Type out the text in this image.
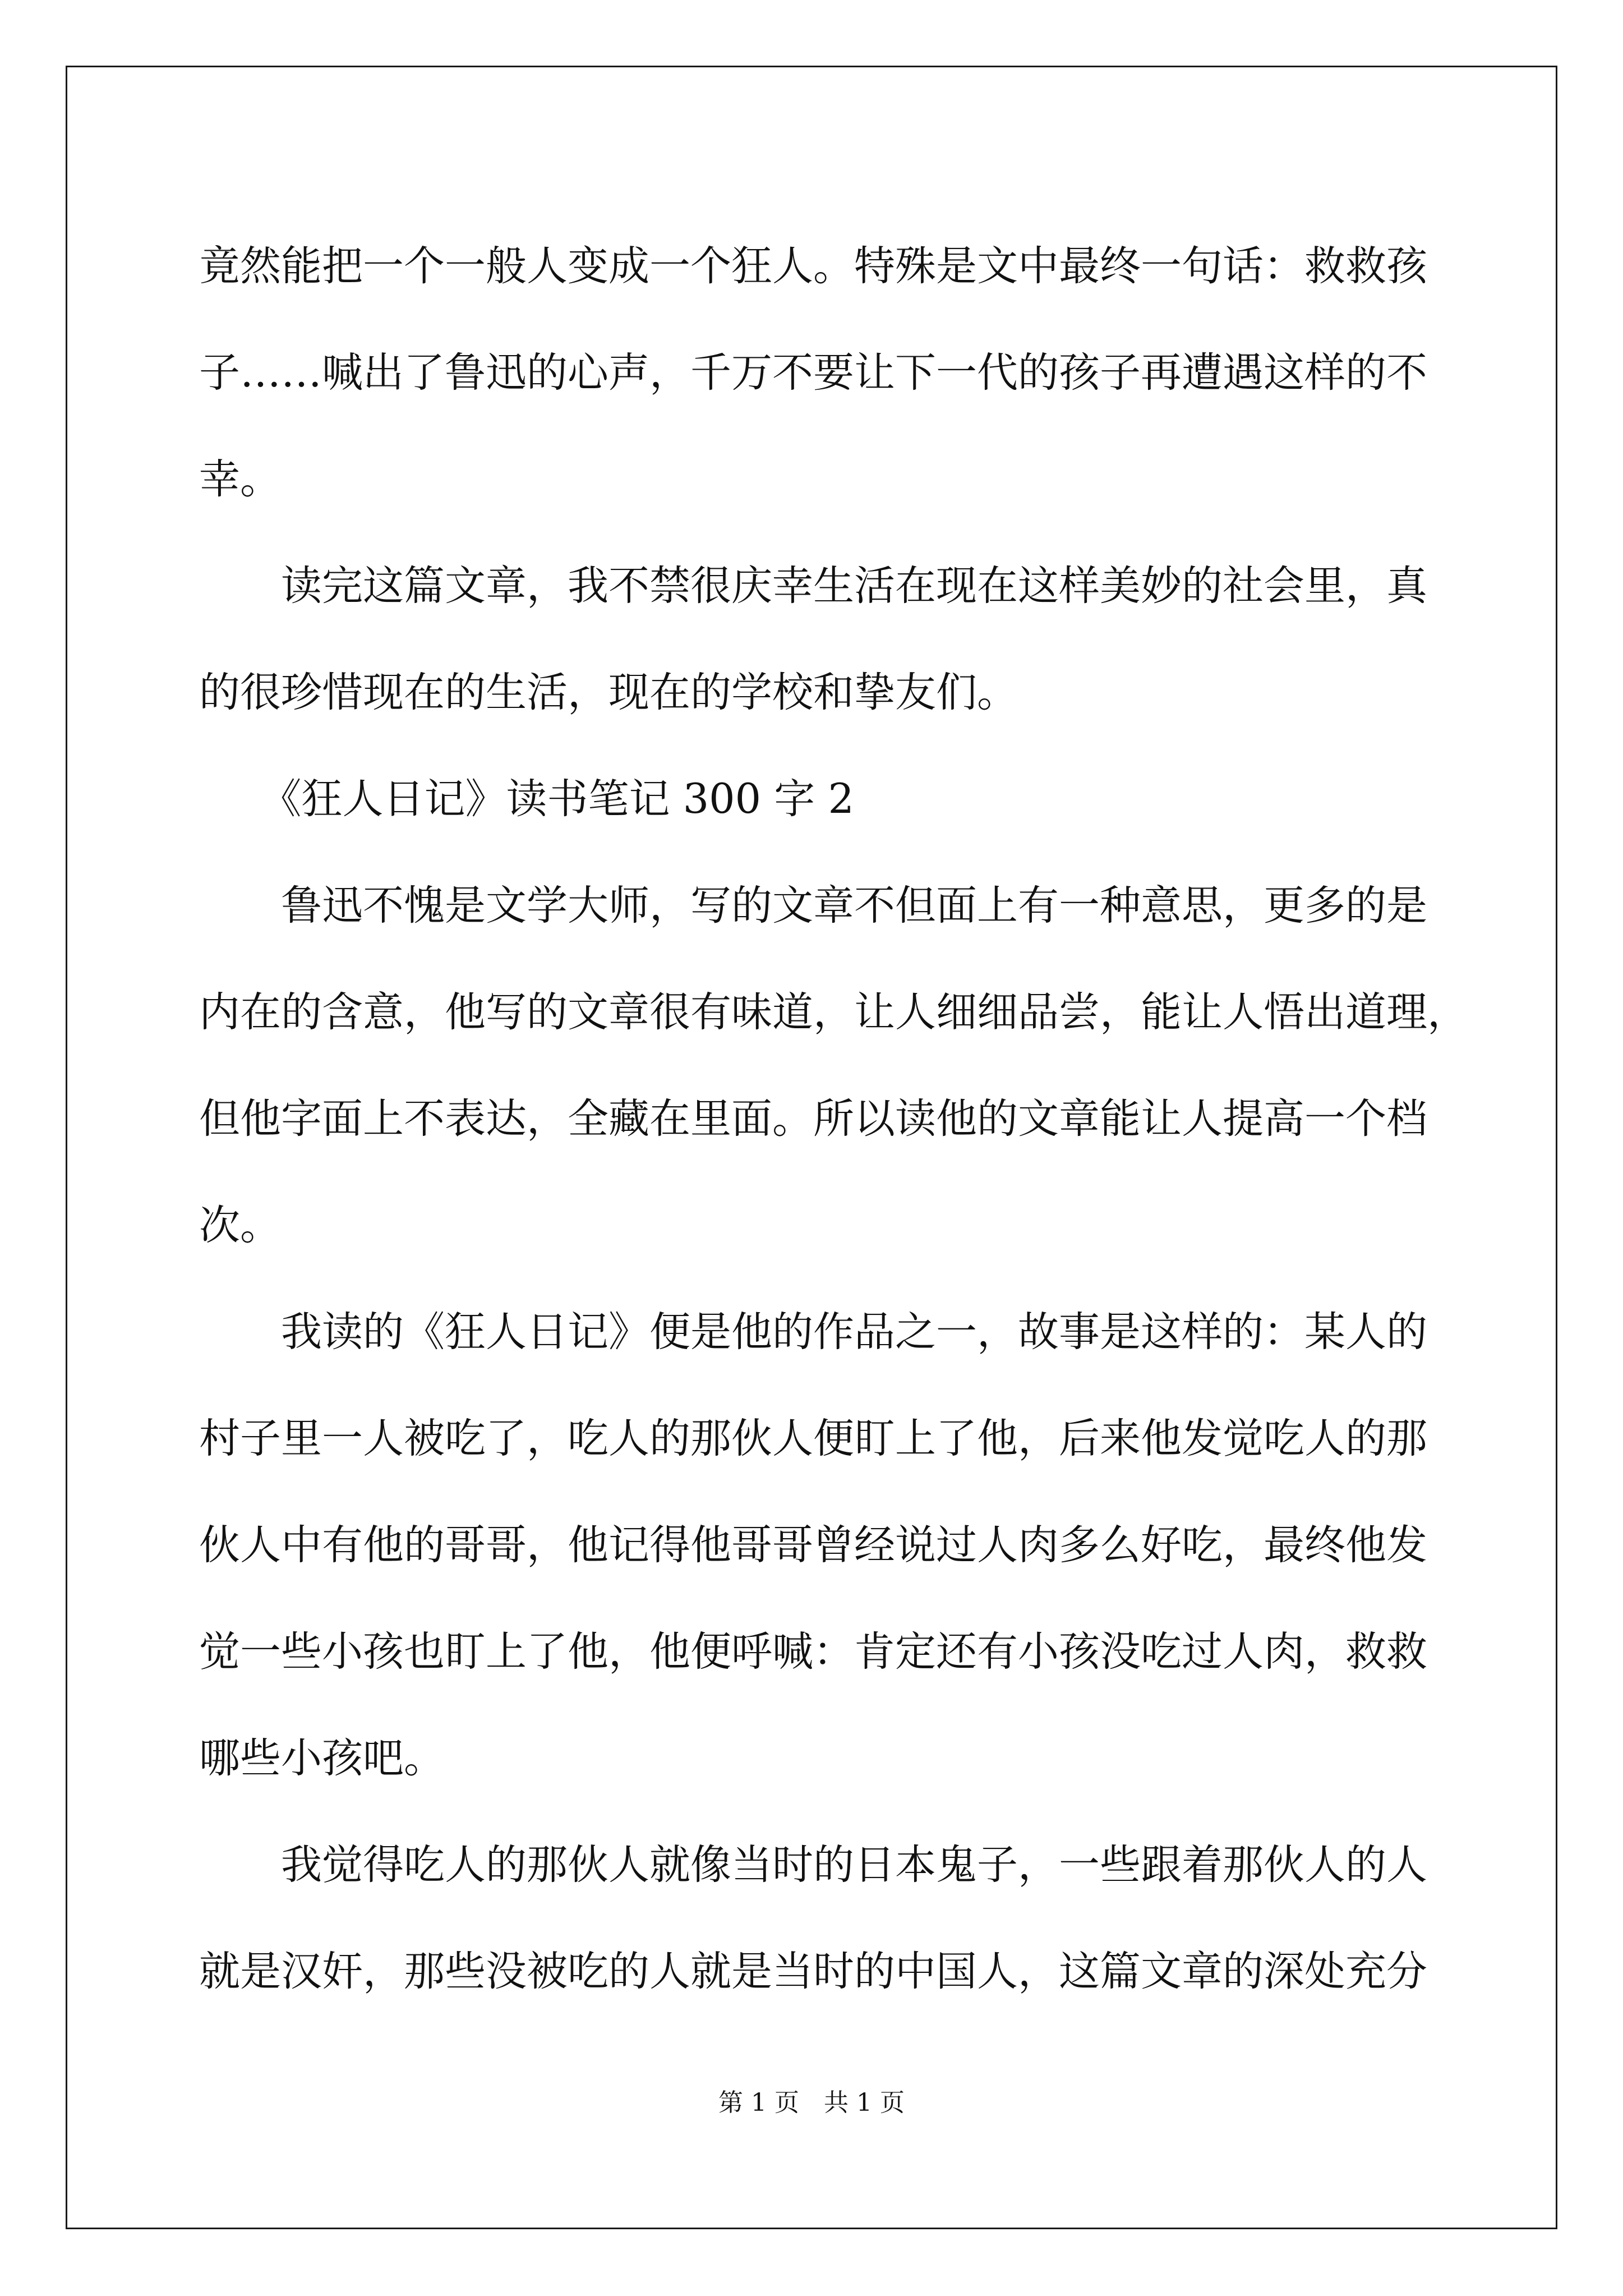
竟然能把一个一般人变成一个狂人。特殊是文中最终一句话：救救孩
子……喊出了鲁迅的心声，千万不要让下一代的孩子再遭遇这样的不
幸。
　　读完这篇文章，我不禁很庆幸生活在现在这样美妙的社会里，真
的很珍惜现在的生活，现在的学校和挚友们。
　　《狂人日记》读书笔记 300 字 2
　　鲁迅不愧是文学大师，写的文章不但面上有一种意思，更多的是
内在的含意，他写的文章很有味道，让人细细品尝，能让人悟出道理，
但他字面上不表达，全藏在里面。所以读他的文章能让人提高一个档
次。
　　我读的《狂人日记》便是他的作品之一，故事是这样的：某人的
村子里一人被吃了，吃人的那伙人便盯上了他，后来他发觉吃人的那
伙人中有他的哥哥，他记得他哥哥曾经说过人肉多么好吃，最终他发
觉一些小孩也盯上了他，他便呼喊：肯定还有小孩没吃过人肉，救救
哪些小孩吧。
　　我觉得吃人的那伙人就像当时的日本鬼子，一些跟着那伙人的人
就是汉奸，那些没被吃的人就是当时的中国人，这篇文章的深处充分
第 1 页　共 1 页
